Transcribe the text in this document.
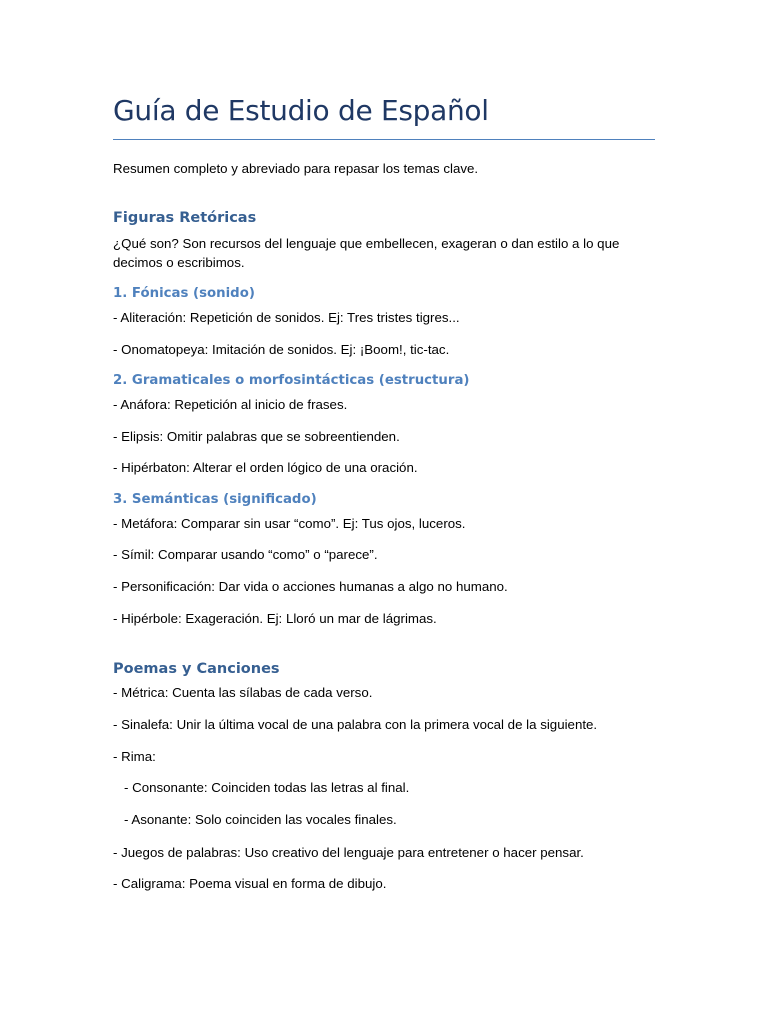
Guía de Estudio de Español

Resumen completo y abreviado para repasar los temas clave.

Figuras Retóricas

¿Qué son? Son recursos del lenguaje que embellecen, exageran o dan estilo a lo que decimos o escribimos.

1. Fónicas (sonido)

- Aliteración: Repetición de sonidos. Ej: Tres tristes tigres...

- Onomatopeya: Imitación de sonidos. Ej: ¡Boom!, tic-tac.

2. Gramaticales o morfosintácticas (estructura)

- Anáfora: Repetición al inicio de frases.

- Elipsis: Omitir palabras que se sobreentienden.

- Hipérbaton: Alterar el orden lógico de una oración.

3. Semánticas (significado)

- Metáfora: Comparar sin usar “como”. Ej: Tus ojos, luceros.

- Símil: Comparar usando “como” o “parece”.

- Personificación: Dar vida o acciones humanas a algo no humano.

- Hipérbole: Exageración. Ej: Lloró un mar de lágrimas.

Poemas y Canciones

- Métrica: Cuenta las sílabas de cada verso.

- Sinalefa: Unir la última vocal de una palabra con la primera vocal de la siguiente.

- Rima:

- Consonante: Coinciden todas las letras al final.

- Asonante: Solo coinciden las vocales finales.

- Juegos de palabras: Uso creativo del lenguaje para entretener o hacer pensar.

- Caligrama: Poema visual en forma de dibujo.
